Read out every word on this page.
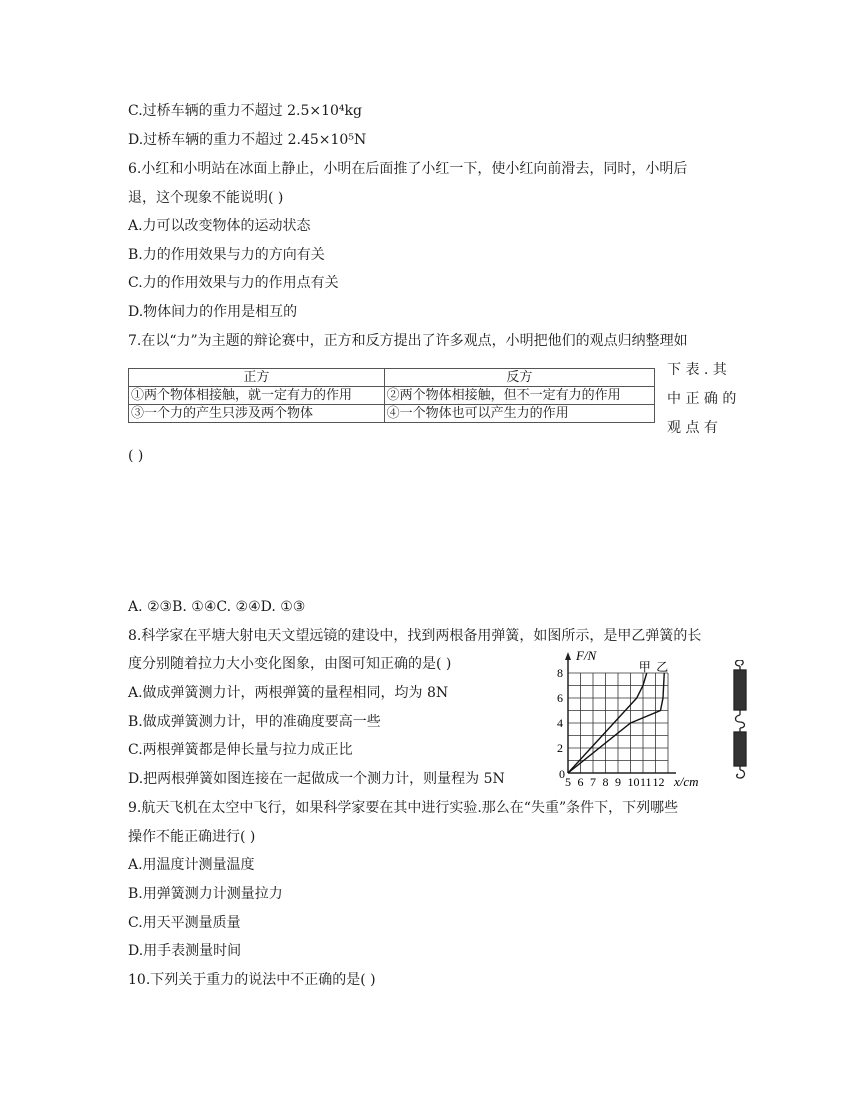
C.过桥车辆的重力不超过 2.5×10⁴kg
D.过桥车辆的重力不超过 2.45×10⁵N
6.小红和小明站在冰面上静止，小明在后面推了小红一下，使小红向前滑去，同时，小明后
退，这个现象不能说明( )
A.力可以改变物体的运动状态
B.力的作用效果与力的方向有关
C.力的作用效果与力的作用点有关
D.物体间力的作用是相互的
7.在以“力”为主题的辩论赛中，正方和反方提出了许多观点，小明把他们的观点归纳整理如
正方	反方
①两个物体相接触，就一定有力的作用	②两个物体相接触，但不一定有力的作用
③一个力的产生只涉及两个物体	④一个物体也可以产生力的作用
下 表 . 其
中 正 确 的
观 点 有
( )
A. ②③B. ①④C. ②④D. ①③
8.科学家在平塘大射电天文望远镜的建设中，找到两根备用弹簧，如图所示，是甲乙弹簧的长
度分别随着拉力大小变化图象，由图可知正确的是( )
A.做成弹簧测力计，两根弹簧的量程相同，均为 8N
B.做成弹簧测力计，甲的准确度要高一些
C.两根弹簧都是伸长量与拉力成正比
D.把两根弹簧如图连接在一起做成一个测力计，则量程为 5N
2
4
6
8
5 6 7 8 9 10 11 12
甲 乙
F/N
x/cm
0
9.航天飞机在太空中飞行，如果科学家要在其中进行实验.那么在“失重”条件下，下列哪些
操作不能正确进行( )
A.用温度计测量温度
B.用弹簧测力计测量拉力
C.用天平测量质量
D.用手表测量时间
10.下列关于重力的说法中不正确的是( )
